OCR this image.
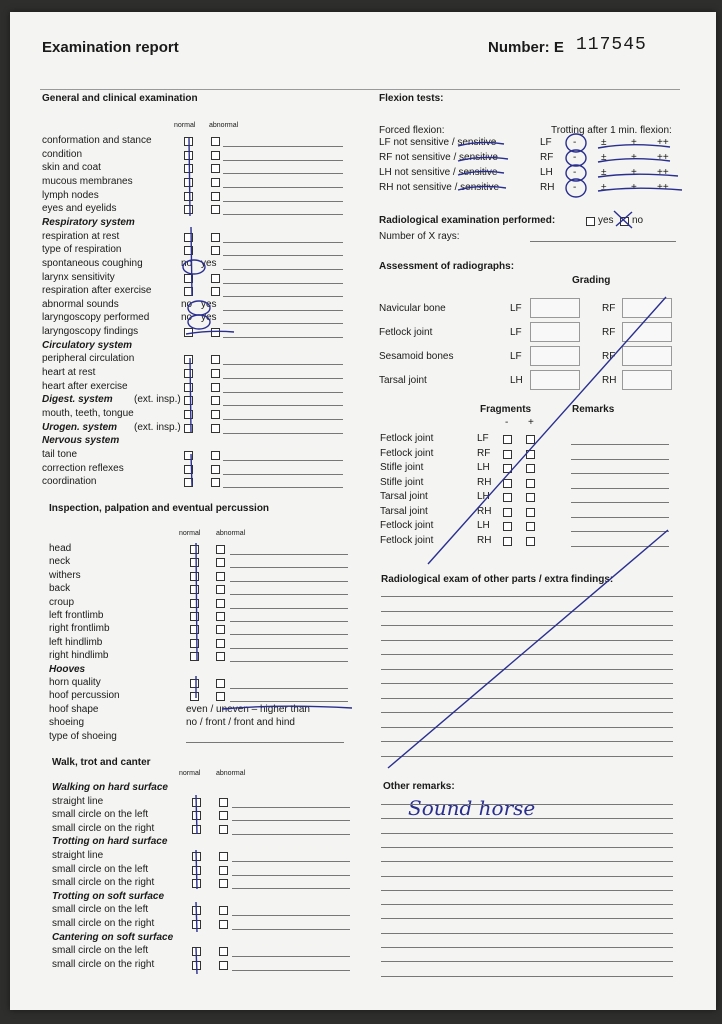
Examination report	Number: E 117545
Flexion tests:
Forced flexion:	Trotting after 1 min. flexion:
LF not sensitive / sensitive	LF - ± + ++
RF not sensitive / sensitive	RF - ± + ++
LH not sensitive / sensitive	LH - ± + ++
RH not sensitive / sensitive	RH - ± + ++
Radiological examination performed:	yes no
Number of X rays:
Assessment of radiographs:
Grading
Navicular bone	LF	RF
Fetlock joint	LF	RF
Sesamoid bones	LF	RF
Tarsal joint	LH	RH
Fragments	Remarks
- +
Fetlock joint	LF
Fetlock joint	RF
Stifle joint	LH
Stifle joint	RH
Tarsal joint	LH
Tarsal joint	RH
Fetlock joint	LH
Fetlock joint	RH
Radiological exam of other parts / extra findings:
Other remarks:
Sound horse
General and clinical examination
normal abnormal
conformation and stance
condition
skin and coat
mucous membranes
lymph nodes
eyes and eyelids
Respiratory system
respiration at rest
type of respiration
spontaneous coughing	no yes
larynx sensitivity
respiration after exercise
abnormal sounds	no yes
laryngoscopy performed	no yes
laryngoscopy findings
Circulatory system
peripheral circulation
heart at rest
heart after exercise
Digest. system (ext. insp.)
mouth, teeth, tongue
Urogen. system (ext. insp.)
Nervous system
tail tone
correction reflexes
coordination
Inspection, palpation and eventual percussion
normal abnormal
head
neck
withers
back
croup
left frontlimb
right frontlimb
left hindlimb
right hindlimb
Hooves
horn quality
hoof percussion
hoof shape	even / uneven – higher than
shoeing	no / front / front and hind
type of shoeing
Walk, trot and canter
normal abnormal
Walking on hard surface
straight line
small circle on the left
small circle on the right
Trotting on hard surface
straight line
small circle on the left
small circle on the right
Trotting on soft surface
small circle on the left
small circle on the right
Cantering on soft surface
small circle on the left
small circle on the right
